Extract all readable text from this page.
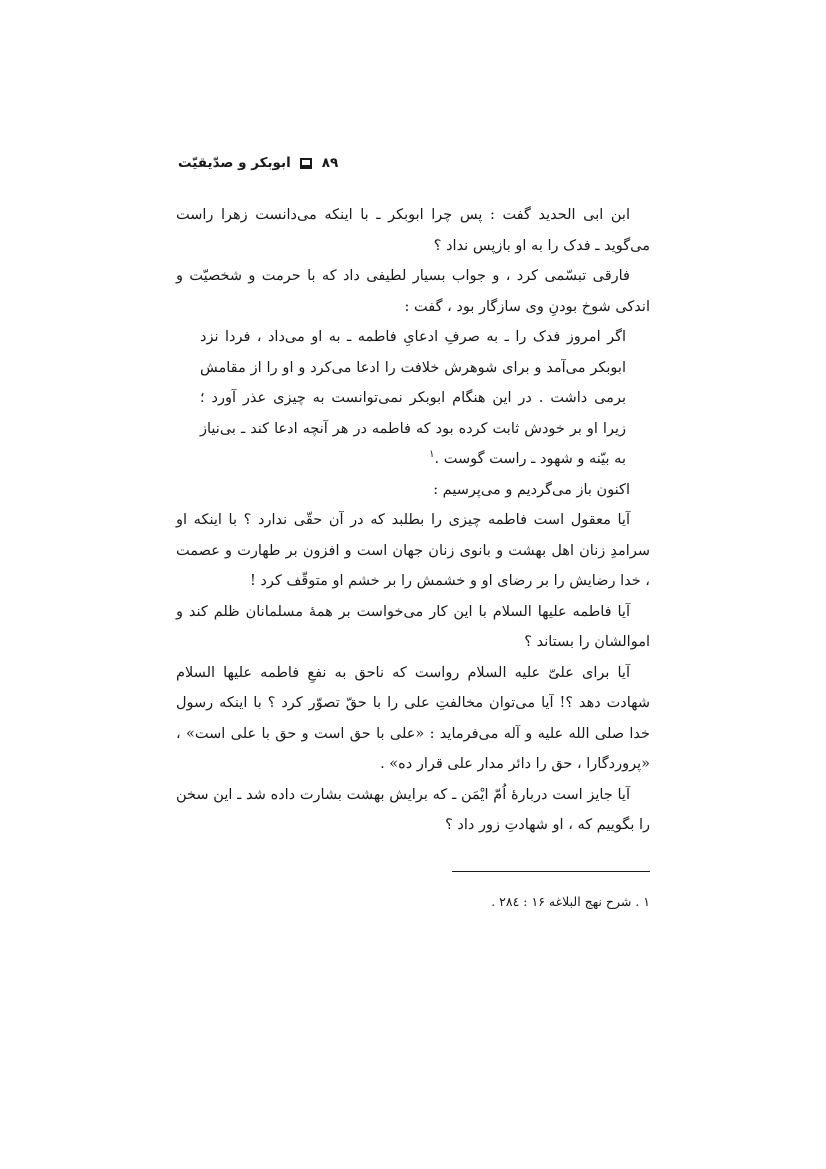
۸۹
ابوبکر و صدّیقیّت

ابن ابی الحدید گفت : پس چرا ابوبکر ـ با اینکه می‌دانست زهرا راست می‌گوید ـ فدک را به او بازپس نداد ؟

فارقی تبسّمی کرد ، و جواب بسیار لطیفی داد که با حرمت و شخصیّت و اندکی شوخ بودنِ وی سازگار بود ، گفت :

اگر امروز فدک را ـ به صرفِ ادعایِ فاطمه ـ به او می‌داد ، فردا نزد ابوبکر می‌آمد و برای شوهرش خلافت را ادعا می‌کرد و او را از مقامش برمی داشت . در این هنگام ابوبکر نمی‌توانست به چیزی عذر آورد ؛ زیرا او بر خودش ثابت کرده بود که فاطمه در هر آنچه ادعا کند ـ بی‌نیاز به بیّنه و شهود ـ راست گوست .$^۱$

اکنون باز می‌گردیم و می‌پرسیم :

آیا معقول است فاطمه چیزی را بطلبد که در آن حقّی ندارد ؟ با اینکه او سرامدِ زنان اهل بهشت و بانوی زنان جهان است و افزون بر طهارت و عصمت ، خدا رضایش را بر رضای او و خشمش را بر خشم او متوقّف کرد !

آیا فاطمه علیها السلام با این کار می‌خواست بر همهٔ مسلمانان ظلم کند و اموالشان را بستاند ؟

آیا برای علیّ علیه السلام رواست که ناحق به نفعِ فاطمه علیها السلام شهادت دهد ؟! آیا می‌توان مخالفتِ علی را با حقّ تصوّر کرد ؟ با اینکه رسول خدا صلی الله علیه و آله می‌فرماید : «علی با حق است و حق با علی است» ، «پروردگارا ، حق را دائر مدار علی قرار ده» .

آیا جایز است دربارهٔ اُمّ ایْمَن ـ که برایش بهشت بشارت داده شد ـ این سخن را بگوییم که ، او شهادتِ زور داد ؟

۱ . شرح نهج البلاغه ۱۶ : ۲۸٤ .
